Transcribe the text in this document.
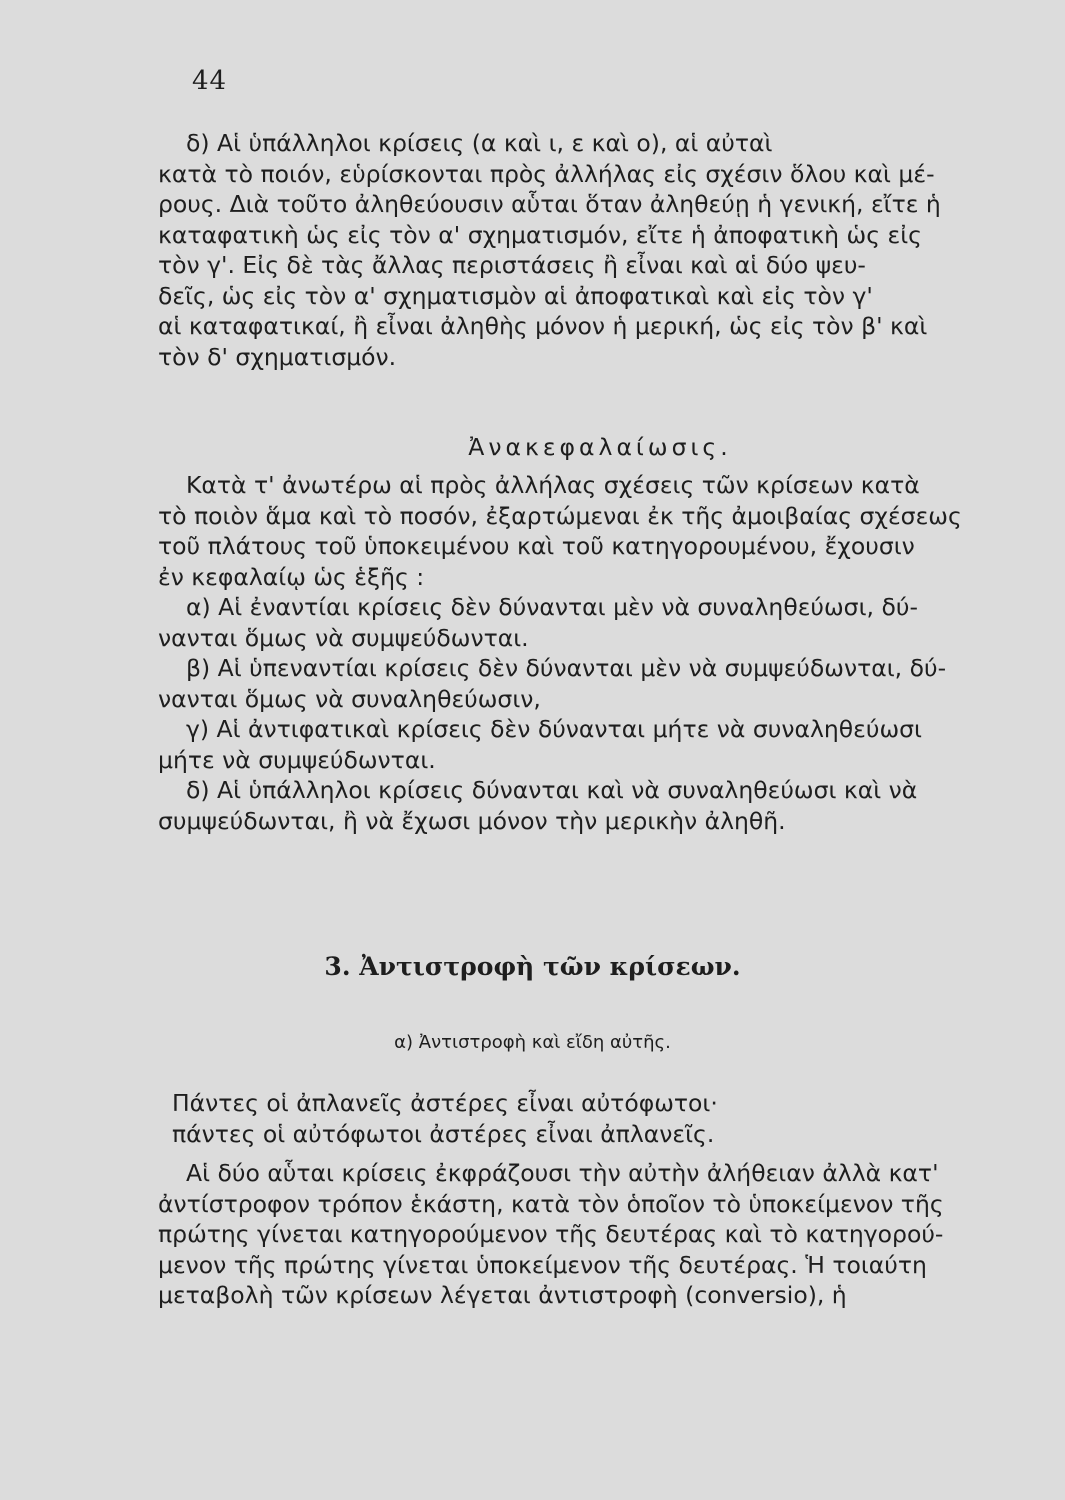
44
δ) Αἱ ὑπάλληλοι κρίσεις (α καὶ ι, ε καὶ ο), αἱ αὐταὶ
κατὰ τὸ ποιόν, εὑρίσκονται πρὸς ἀλλήλας εἰς σχέσιν ὅλου καὶ μέ-
ρους. Διὰ τοῦτο ἀληθεύουσιν αὗται ὅταν ἀληθεύῃ ἡ γενική, εἴτε ἡ
καταφατικὴ ὡς εἰς τὸν α' σχηματισμόν, εἴτε ἡ ἀποφατικὴ ὡς εἰς
τὸν γ'. Εἰς δὲ τὰς ἄλλας περιστάσεις ἢ εἶναι καὶ αἱ δύο ψευ-
δεῖς, ὡς εἰς τὸν α' σχηματισμὸν αἱ ἀποφατικαὶ καὶ εἰς τὸν γ'
αἱ καταφατικαί, ἢ εἶναι ἀληθὴς μόνον ἡ μερική, ὡς εἰς τὸν β' καὶ
τὸν δ' σχηματισμόν.
Ἀνακεφαλαίωσις.
Κατὰ τ' ἀνωτέρω αἱ πρὸς ἀλλήλας σχέσεις τῶν κρίσεων κατὰ
τὸ ποιὸν ἅμα καὶ τὸ ποσόν, ἐξαρτώμεναι ἐκ τῆς ἀμοιβαίας σχέσεως
τοῦ πλάτους τοῦ ὑποκειμένου καὶ τοῦ κατηγορουμένου, ἔχουσιν
ἐν κεφαλαίῳ ὡς ἑξῆς :
α) Αἱ ἐναντίαι κρίσεις δὲν δύνανται μὲν νὰ συναληθεύωσι, δύ-
νανται ὅμως νὰ συμψεύδωνται.
β) Αἱ ὑπεναντίαι κρίσεις δὲν δύνανται μὲν νὰ συμψεύδωνται, δύ-
νανται ὅμως νὰ συναληθεύωσιν,
γ) Αἱ ἀντιφατικαὶ κρίσεις δὲν δύνανται μήτε νὰ συναληθεύωσι
μήτε νὰ συμψεύδωνται.
δ) Αἱ ὑπάλληλοι κρίσεις δύνανται καὶ νὰ συναληθεύωσι καὶ νὰ
συμψεύδωνται, ἢ νὰ ἔχωσι μόνον τὴν μερικὴν ἀληθῆ.
3. Ἀντιστροφὴ τῶν κρίσεων.
α) Ἀντιστροφὴ καὶ εἴδη αὐτῆς.
Πάντες οἱ ἀπλανεῖς ἀστέρες εἶναι αὐτόφωτοι·
πάντες οἱ αὐτόφωτοι ἀστέρες εἶναι ἀπλανεῖς.
Αἱ δύο αὗται κρίσεις ἐκφράζουσι τὴν αὐτὴν ἀλήθειαν ἀλλὰ κατ'
ἀντίστροφον τρόπον ἑκάστη, κατὰ τὸν ὁποῖον τὸ ὑποκείμενον τῆς
πρώτης γίνεται κατηγορούμενον τῆς δευτέρας καὶ τὸ κατηγορού-
μενον τῆς πρώτης γίνεται ὑποκείμενον τῆς δευτέρας. Ἡ τοιαύτη
μεταβολὴ τῶν κρίσεων λέγεται ἀντιστροφὴ (conversio), ἡ
